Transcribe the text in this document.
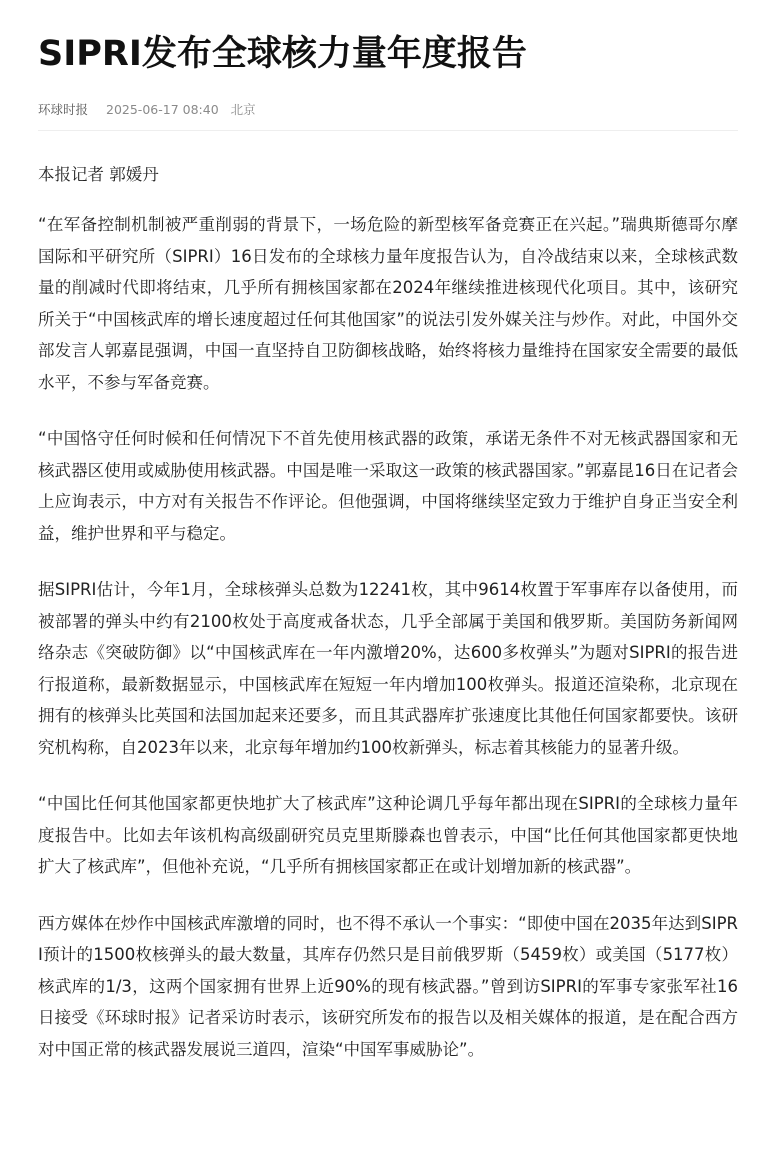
SIPRI发布全球核力量年度报告
环球时报 2025-06-17 08:40 北京
本报记者 郭媛丹

“在军备控制机制被严重削弱的背景下，一场危险的新型核军备竞赛正在兴起。”瑞典斯德哥尔摩国际和平研究所（SIPRI）16日发布的全球核力量年度报告认为，自冷战结束以来，全球核武数量的削减时代即将结束，几乎所有拥核国家都在2024年继续推进核现代化项目。其中，该研究所关于“中国核武库的增长速度超过任何其他国家”的说法引发外媒关注与炒作。对此，中国外交部发言人郭嘉昆强调，中国一直坚持自卫防御核战略，始终将核力量维持在国家安全需要的最低水平，不参与军备竞赛。

“中国恪守任何时候和任何情况下不首先使用核武器的政策，承诺无条件不对无核武器国家和无核武器区使用或威胁使用核武器。中国是唯一采取这一政策的核武器国家。”郭嘉昆16日在记者会上应询表示，中方对有关报告不作评论。但他强调，中国将继续坚定致力于维护自身正当安全利益，维护世界和平与稳定。

据SIPRI估计，今年1月，全球核弹头总数为12241枚，其中9614枚置于军事库存以备使用，而被部署的弹头中约有2100枚处于高度戒备状态，几乎全部属于美国和俄罗斯。美国防务新闻网络杂志《突破防御》以“中国核武库在一年内激增20%，达600多枚弹头”为题对SIPRI的报告进行报道称，最新数据显示，中国核武库在短短一年内增加100枚弹头。报道还渲染称，北京现在拥有的核弹头比英国和法国加起来还要多，而且其武器库扩张速度比其他任何国家都要快。该研究机构称，自2023年以来，北京每年增加约100枚新弹头，标志着其核能力的显著升级。

“中国比任何其他国家都更快地扩大了核武库”这种论调几乎每年都出现在SIPRI的全球核力量年度报告中。比如去年该机构高级副研究员克里斯滕森也曾表示，中国“比任何其他国家都更快地扩大了核武库”，但他补充说，“几乎所有拥核国家都正在或计划增加新的核武器”。

西方媒体在炒作中国核武库激增的同时，也不得不承认一个事实：“即使中国在2035年达到SIPRI预计的1500枚核弹头的最大数量，其库存仍然只是目前俄罗斯（5459枚）或美国（5177枚）核武库的1/3，这两个国家拥有世界上近90%的现有核武器。”曾到访SIPRI的军事专家张军社16日接受《环球时报》记者采访时表示，该研究所发布的报告以及相关媒体的报道，是在配合西方对中国正常的核武器发展说三道四，渲染“中国军事威胁论”。
